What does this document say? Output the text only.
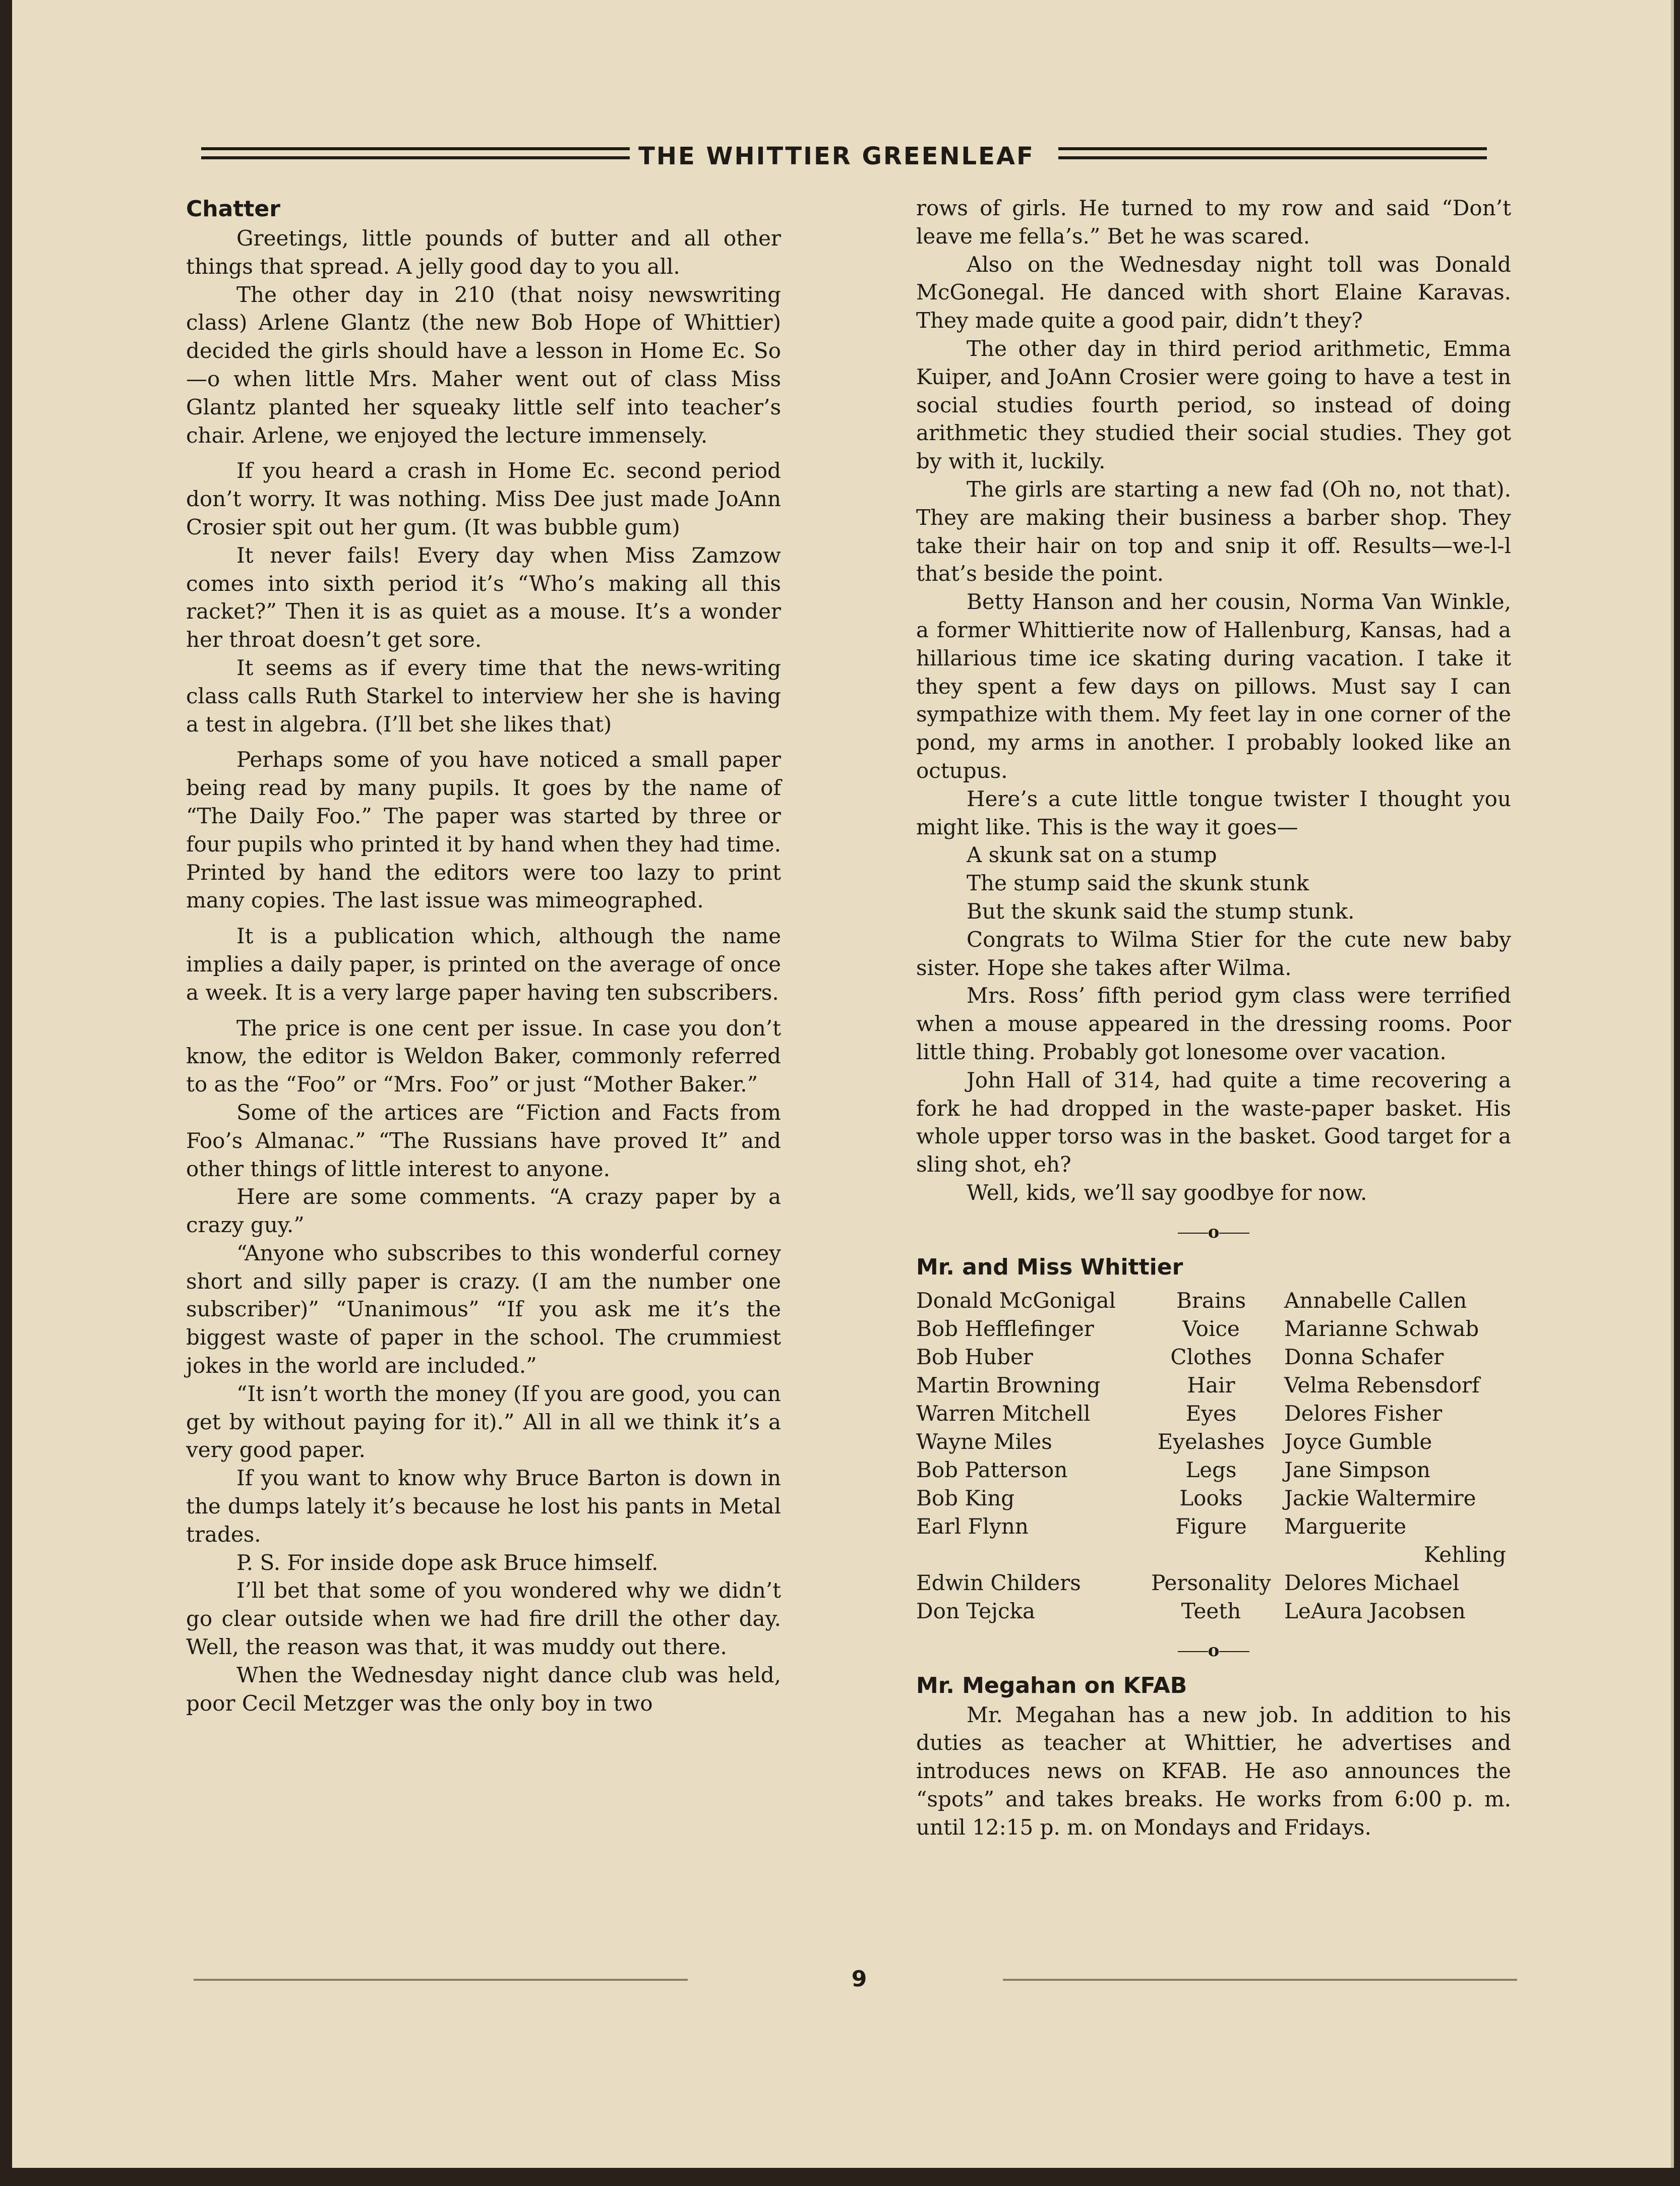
THE WHITTIER GREENLEAF
Chatter

Greetings, little pounds of butter and all other things that spread. A jelly good day to you all.

The other day in 210 (that noisy newswriting class) Arlene Glantz (the new Bob Hope of Whittier) decided the girls should have a lesson in Home Ec. So—o when little Mrs. Maher went out of class Miss Glantz planted her squeaky little self into teacher’s chair. Arlene, we enjoyed the lecture immensely.

If you heard a crash in Home Ec. second period don’t worry. It was nothing. Miss Dee just made JoAnn Crosier spit out her gum. (It was bubble gum)

It never fails! Every day when Miss Zamzow comes into sixth period it’s “Who’s making all this racket?” Then it is as quiet as a mouse. It’s a wonder her throat doesn’t get sore.

It seems as if every time that the news-writing class calls Ruth Starkel to interview her she is having a test in algebra. (I’ll bet she likes that)

Perhaps some of you have noticed a small paper being read by many pupils. It goes by the name of “The Daily Foo.” The paper was started by three or four pupils who printed it by hand when they had time. Printed by hand the editors were too lazy to print many copies. The last issue was mimeographed.

It is a publication which, although the name implies a daily paper, is printed on the average of once a week. It is a very large paper having ten subscribers.

The price is one cent per issue. In case you don’t know, the editor is Weldon Baker, commonly referred to as the “Foo” or “Mrs. Foo” or just “Mother Baker.”

Some of the artices are “Fiction and Facts from Foo’s Almanac.” “The Russians have proved It” and other things of little interest to anyone.

Here are some comments. “A crazy paper by a crazy guy.”

“Anyone who subscribes to this wonderful corney short and silly paper is crazy. (I am the number one subscriber)” “Unanimous” “If you ask me it’s the biggest waste of paper in the school. The crummiest jokes in the world are included.”

“It isn’t worth the money (If you are good, you can get by without paying for it).” All in all we think it’s a very good paper.

If you want to know why Bruce Barton is down in the dumps lately it’s because he lost his pants in Metal trades.

P. S. For inside dope ask Bruce himself.

I’ll bet that some of you wondered why we didn’t go clear outside when we had fire drill the other day. Well, the reason was that, it was muddy out there.

When the Wednesday night dance club was held, poor Cecil Metzger was the only boy in two

rows of girls. He turned to my row and said “Don’t leave me fella’s.” Bet he was scared.

Also on the Wednesday night toll was Donald McGonegal. He danced with short Elaine Karavas. They made quite a good pair, didn’t they?

The other day in third period arithmetic, Emma Kuiper, and JoAnn Crosier were going to have a test in social studies fourth period, so instead of doing arithmetic they studied their social studies. They got by with it, luckily.

The girls are starting a new fad (Oh no, not that). They are making their business a barber shop. They take their hair on top and snip it off. Results—we-l-l that’s beside the point.

Betty Hanson and her cousin, Norma Van Winkle, a former Whittierite now of Hallenburg, Kansas, had a hillarious time ice skating during vacation. I take it they spent a few days on pillows. Must say I can sympathize with them. My feet lay in one corner of the pond, my arms in another. I probably looked like an octupus.

Here’s a cute little tongue twister I thought you might like. This is the way it goes—

A skunk sat on a stump

The stump said the skunk stunk

But the skunk said the stump stunk.

Congrats to Wilma Stier for the cute new baby sister. Hope she takes after Wilma.

Mrs. Ross’ fifth period gym class were terrified when a mouse appeared in the dressing rooms. Poor little thing. Probably got lonesome over vacation.

John Hall of 314, had quite a time recovering a fork he had dropped in the waste-paper basket. His whole upper torso was in the basket. Good target for a sling shot, eh?

Well, kids, we’ll say goodbye for now.

o
Mr. and Miss Whittier
Donald McGonigal	Brains	Annabelle Callen
Bob Hefflefinger	Voice	Marianne Schwab
Bob Huber	Clothes	Donna Schafer
Martin Browning	Hair	Velma Rebensdorf
Warren Mitchell	Eyes	Delores Fisher
Wayne Miles	Eyelashes	Joyce Gumble
Bob Patterson	Legs	Jane Simpson
Bob King	Looks	Jackie Waltermire
Earl Flynn	Figure	Marguerite
Kehling

Edwin Childers	Personality	Delores Michael
Don Tejcka	Teeth	LeAura Jacobsen
o
Mr. Megahan on KFAB

Mr. Megahan has a new job. In addition to his duties as teacher at Whittier, he advertises and introduces news on KFAB. He aso announces the “spots” and takes breaks. He works from 6:00 p. m. until 12:15 p. m. on Mondays and Fridays.

9
